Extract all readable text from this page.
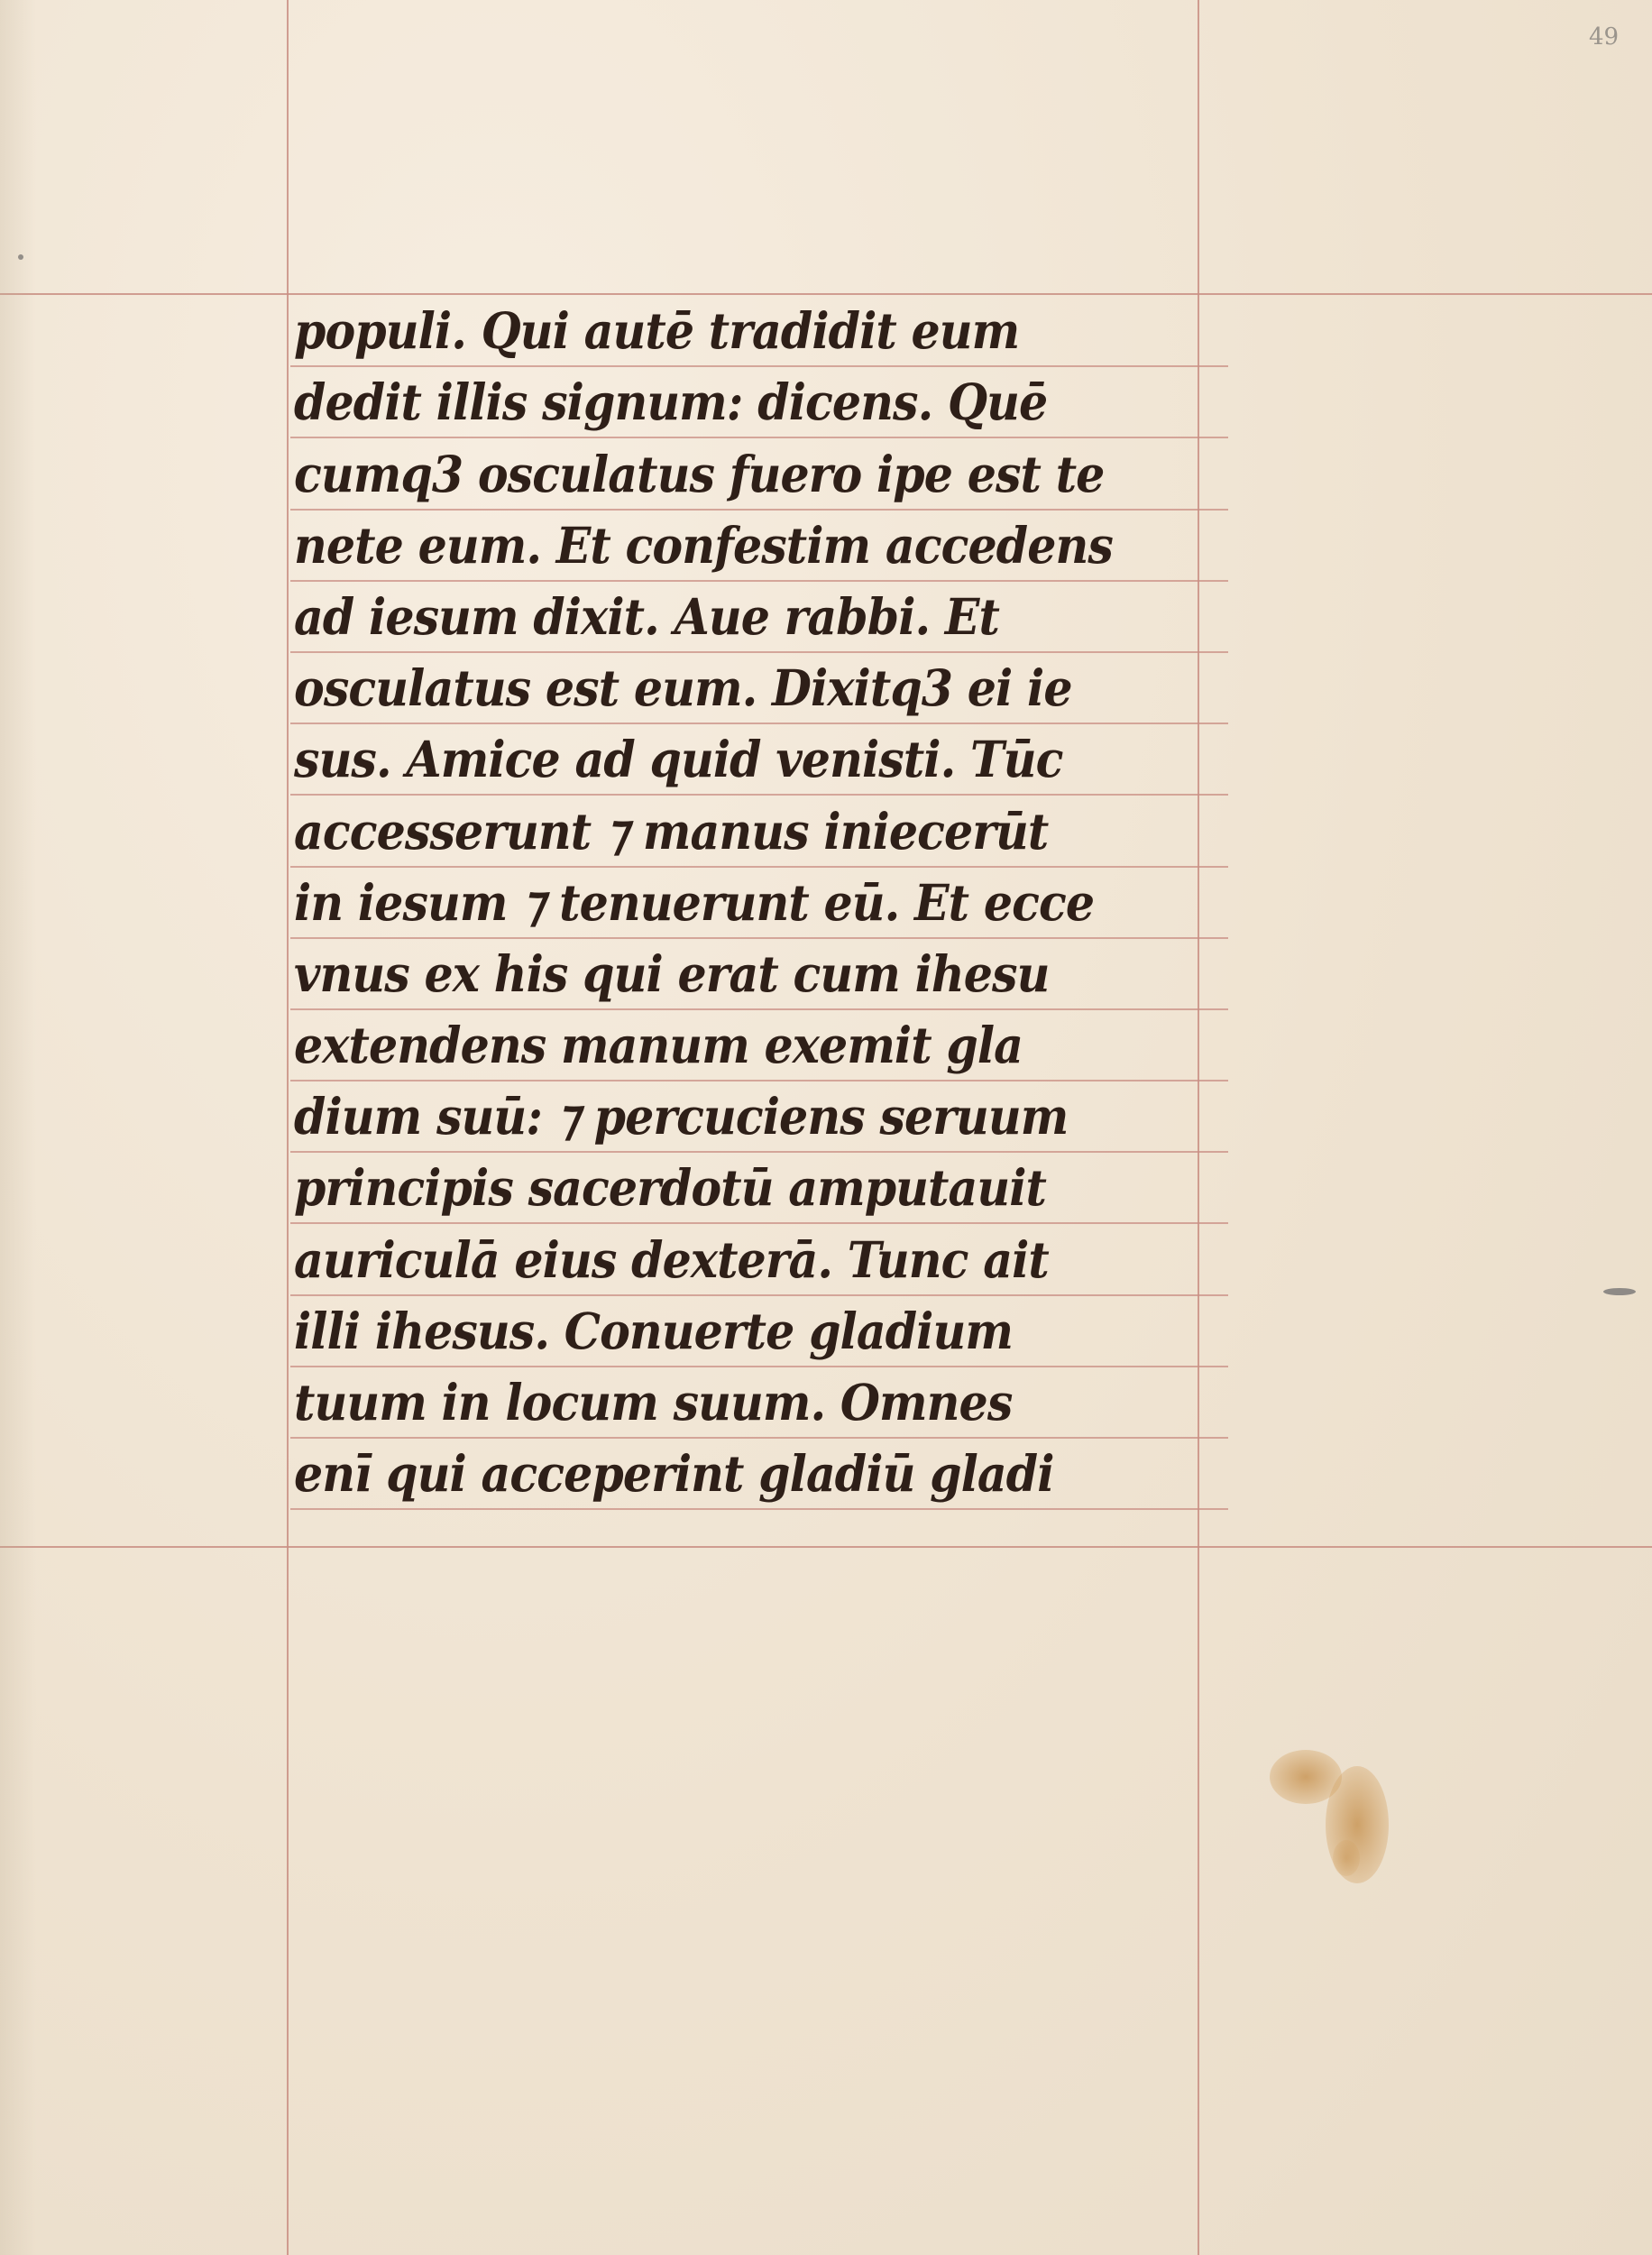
49
populi. Qui autē tradidit eum
dedit illis signum: dicens. Quē
cumq3 osculatus fuero ipe est te
nete eum. Et confestim accedens
ad iesum dixit. Aue rabbi. Et
osculatus est eum. Dixitq3 ei ie
sus. Amice ad quid venisti. Tūc
accesserunt ⁊ manus iniecerūt
in iesum ⁊ tenuerunt eū. Et ecce
vnus ex his qui erat cum ihesu
extendens manum exemit gla
dium suū: ⁊ percuciens seruum
principis sacerdotū amputauit
auriculā eius dexterā. Tunc ait
illi ihesus. Conuerte gladium
tuum in locum suum. Omnes
enī qui acceperint gladiū gladi
